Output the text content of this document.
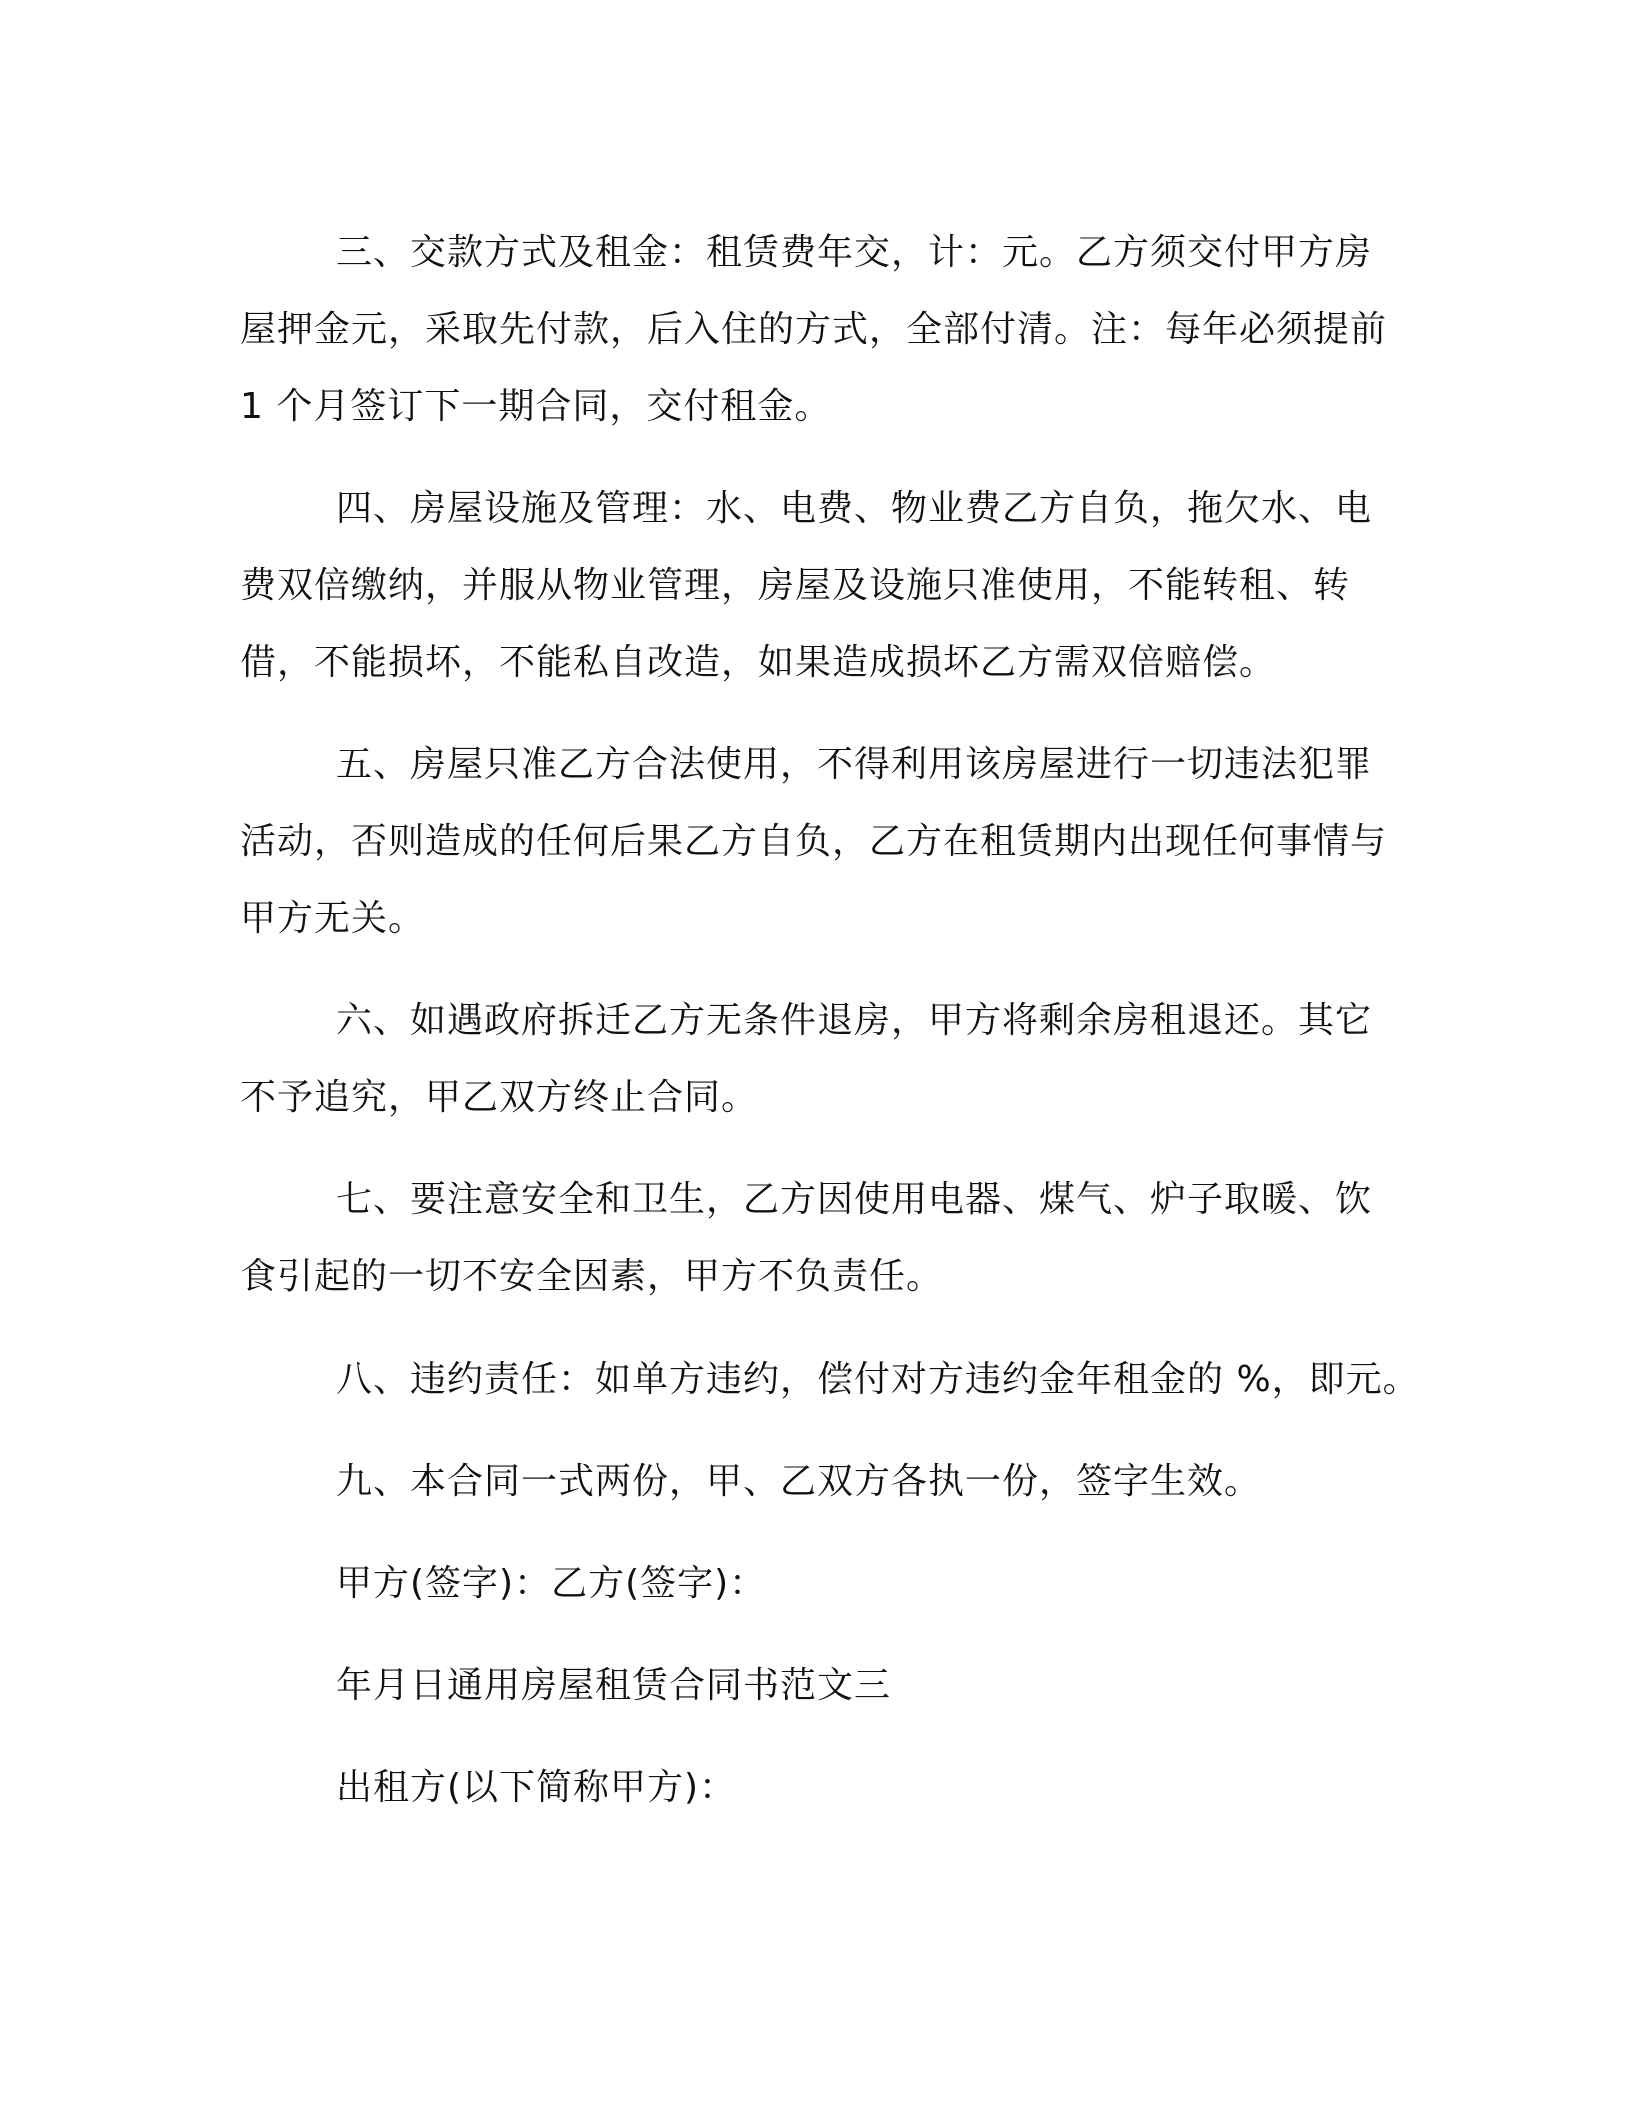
三、交款方式及租金：租赁费年交，计：元。乙方须交付甲方房屋押金元，采取先付款，后入住的方式，全部付清。注：每年必须提前 1 个月签订下一期合同，交付租金。

四、房屋设施及管理：水、电费、物业费乙方自负，拖欠水、电费双倍缴纳，并服从物业管理，房屋及设施只准使用，不能转租、转借，不能损坏，不能私自改造，如果造成损坏乙方需双倍赔偿。

五、房屋只准乙方合法使用，不得利用该房屋进行一切违法犯罪活动，否则造成的任何后果乙方自负，乙方在租赁期内出现任何事情与甲方无关。

六、如遇政府拆迁乙方无条件退房，甲方将剩余房租退还。其它不予追究，甲乙双方终止合同。

七、要注意安全和卫生，乙方因使用电器、煤气、炉子取暖、饮食引起的一切不安全因素，甲方不负责任。

八、违约责任：如单方违约，偿付对方违约金年租金的 %，即元。

九、本合同一式两份，甲、乙双方各执一份，签字生效。

甲方(签字)：乙方(签字)：

年月日通用房屋租赁合同书范文三

出租方(以下简称甲方)：
